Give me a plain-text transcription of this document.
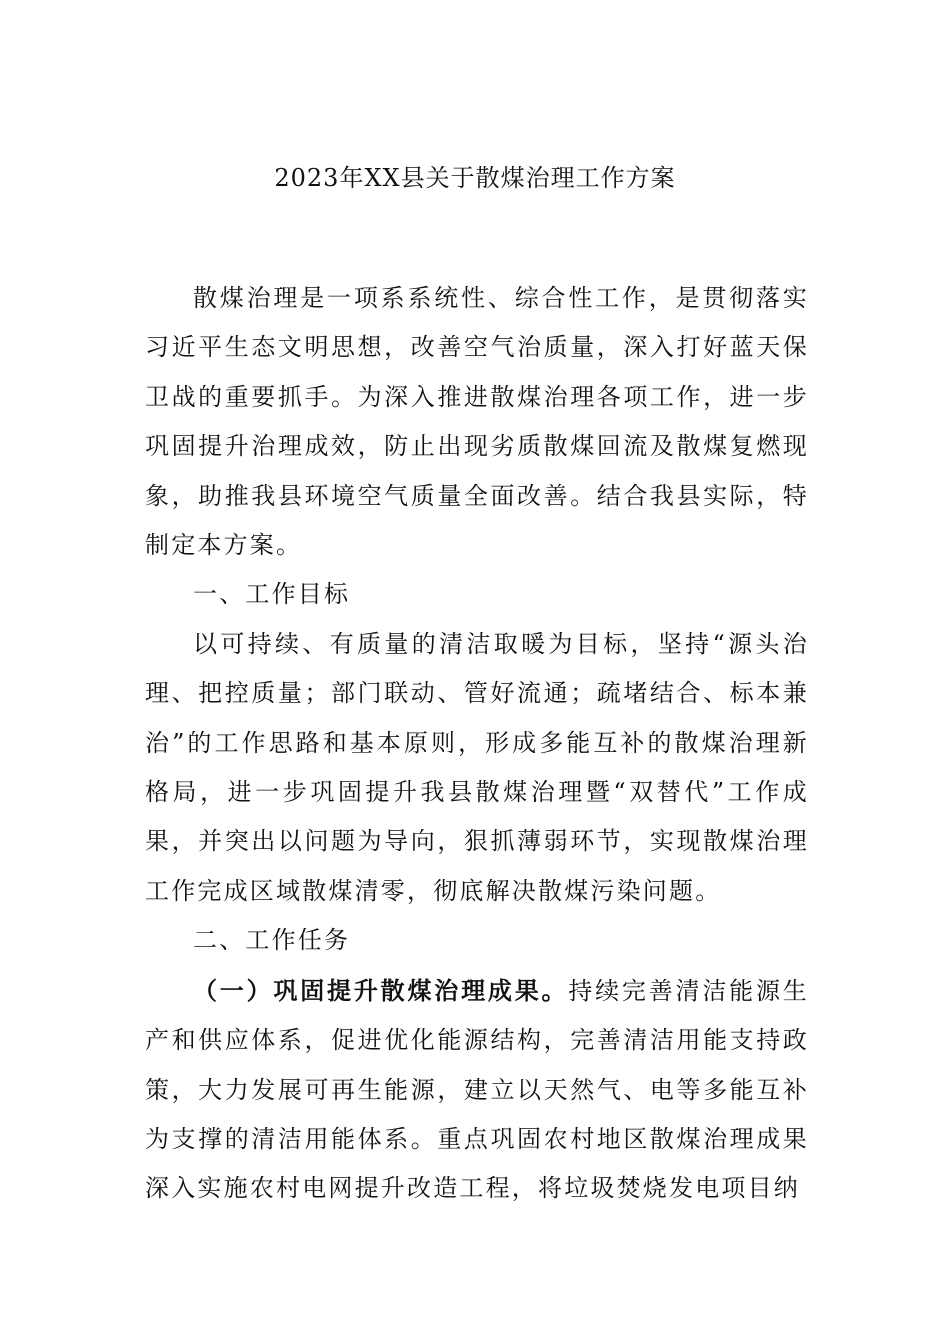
2023年XX县关于散煤治理工作方案

散煤治理是一项系系统性、综合性工作，是贯彻落实习近平生态文明思想，改善空气治质量，深入打好蓝天保卫战的重要抓手。为深入推进散煤治理各项工作，进一步巩固提升治理成效，防止出现劣质散煤回流及散煤复燃现象，助推我县环境空气质量全面改善。结合我县实际，特制定本方案。

一、工作目标

以可持续、有质量的清洁取暖为目标，坚持“源头治理、把控质量；部门联动、管好流通；疏堵结合、标本兼治”的工作思路和基本原则，形成多能互补的散煤治理新格局，进一步巩固提升我县散煤治理暨“双替代”工作成果，并突出以问题为导向，狠抓薄弱环节，实现散煤治理工作完成区域散煤清零，彻底解决散煤污染问题。

二、工作任务

（一）巩固提升散煤治理成果。持续完善清洁能源生产和供应体系，促进优化能源结构，完善清洁用能支持政策，大力发展可再生能源，建立以天然气、电等多能互补为支撑的清洁用能体系。重点巩固农村地区散煤治理成果深入实施农村电网提升改造工程，将垃圾焚烧发电项目纳
